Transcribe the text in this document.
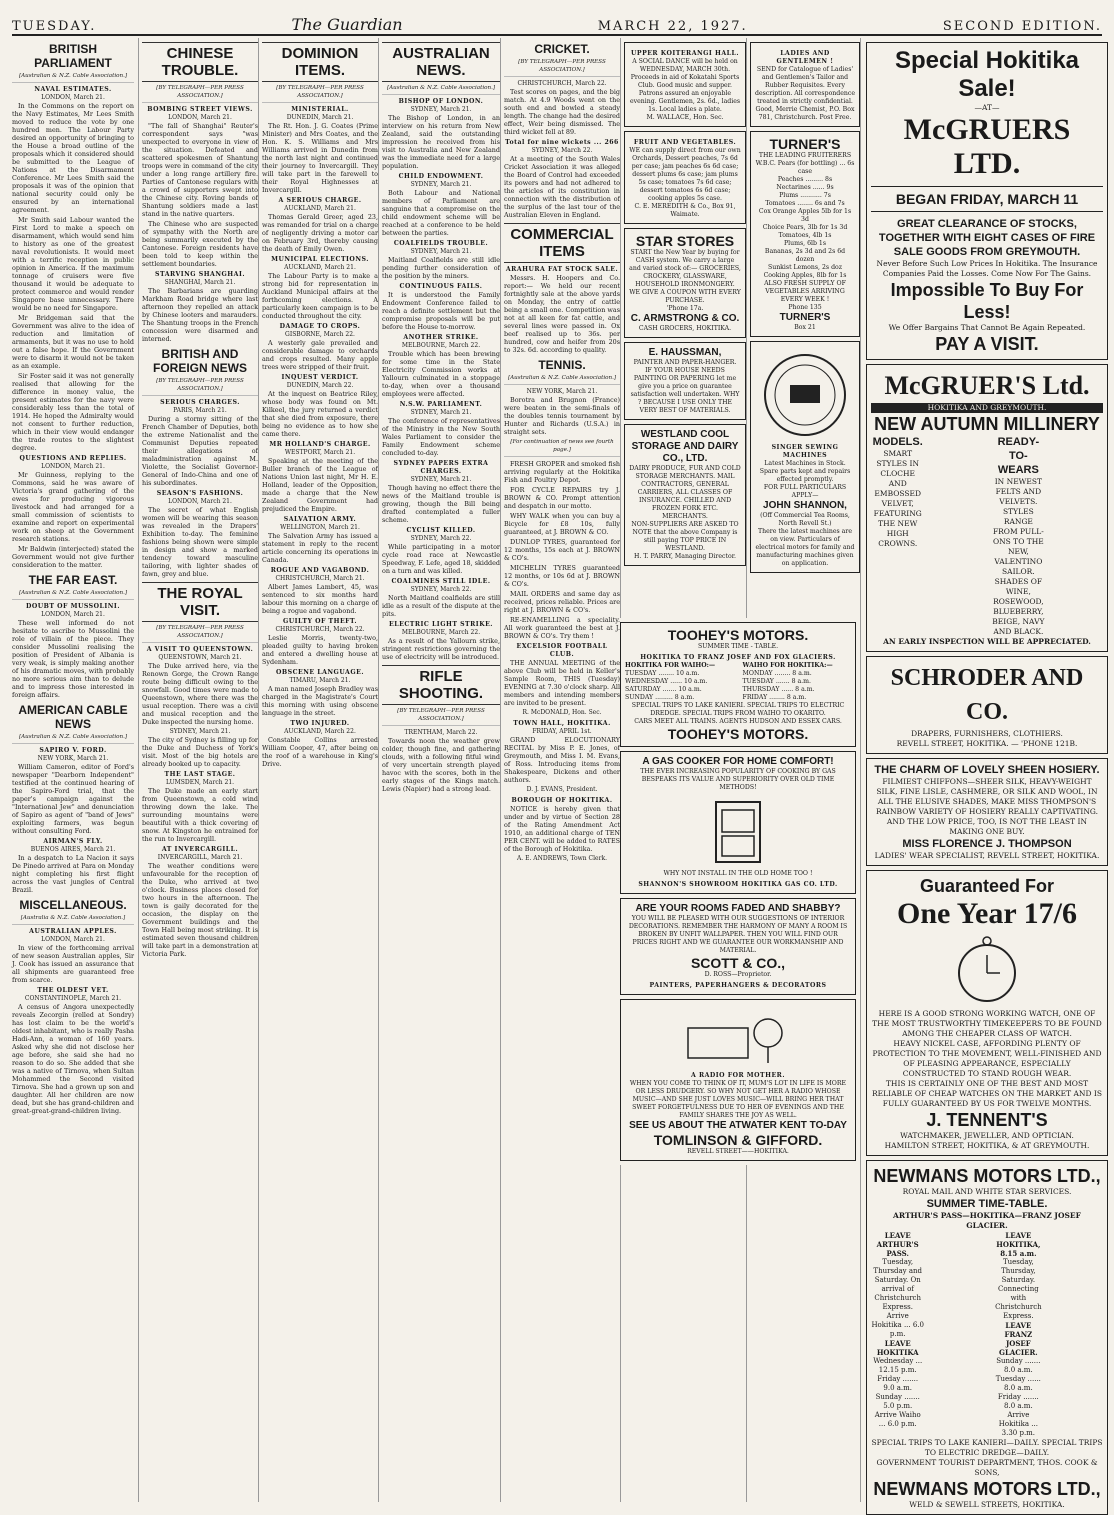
TUESDAY.	The Guardian	MARCH 22, 1927.	SECOND EDITION.
BRITISH PARLIAMENT
[Australian & N.Z. Cable Association.]
NAVAL ESTIMATES.
LONDON, March 21.

In the Commons on the report on the Navy Estimates, Mr Lees Smith moved to reduce the vote by one hundred men. The Labour Party desired an opportunity of bringing to the House a broad outline of the proposals which it considered should be submitted to the League of Nations at the Disarmament Conference. Mr Lees Smith said the proposals it was of the opinion that national security could only be ensured by an international agreement.

Mr Smith said Labour wanted the First Lord to make a speech on disarmament, which would send him to history as one of the greatest naval revolutionists. It would meet with a terrific reception in public opinion in America. If the maximum tonnage of cruisers were five thousand it would be adequate to protect commerce and would render Singapore base unnecessary. There would be no need for Singapore.

Mr Bridgeman said that the Government was alive to the idea of reduction and limitation of armaments, but it was no use to hold out a false hope. If the Government were to disarm it would not be taken as an example.

Sir Foster said it was not generally realised that allowing for the difference in money value, the present estimates for the navy were considerably less than the total of 1914. He hoped the Admiralty would not consent to further reduction, which in their view would endanger the trade routes to the slightest degree.

QUESTIONS AND REPLIES.
LONDON, March 21.

Mr Guinness, replying to the Commons, said he was aware of Victoria's grand gathering of the ewes for producing vigorous livestock and had arranged for a small commission of scientists to examine and report on experimental work on sheep at the Government research stations.

Mr Baldwin (interjected) stated the Government would not give further consideration to the matter.

THE FAR EAST.
[Australian & N.Z. Cable Association.]
DOUBT OF MUSSOLINI.
LONDON, March 21.

These well informed do not hesitate to ascribe to Mussolini the role of villain of the piece. They consider Mussolini realising the position of President of Albania is very weak, is simply making another of his dramatic moves, with probably no more serious aim than to delude and to impress those interested in foreign affairs.

AMERICAN CABLE NEWS
[Australian & N.Z. Cable Association.]
SAPIRO V. FORD.
NEW YORK, March 21.

William Cameron, editor of Ford's newspaper "Dearborn Independent" testified at the continued hearing of the Sapiro-Ford trial, that the paper's campaign against the "International Jew" and denunciation of Sapiro as agent of "band of Jews" exploiting farmers, was begun without consulting Ford.

AIRMAN'S FLY.
BUENOS AIRES, March 21.

In a despatch to La Nacion it says De Pinedo arrived at Para on Monday night completing his first flight across the vast jungles of Central Brazil.

MISCELLANEOUS.
[Australia & N.Z. Cable Association.]
AUSTRALIAN APPLES.
LONDON, March 21.

In view of the forthcoming arrival of new season Australian apples, Sir J. Cook has issued an assurance that all shipments are guaranteed free from scarce.

THE OLDEST VET.
CONSTANTINOPLE, March 21.

A census of Angora unexpectedly reveals Zecorgin (relled at Sondry) has lost claim to be the world's oldest inhabitant, who is really Pasha Hadi-Ann, a woman of 160 years. Asked why she did not disclose her age before, she said she had no reason to do so. She added that she was a native of Tirnova, when Sultan Mohammed the Second visited Tirnova. She had a grown up son and daughter. All her children are now dead, but she has grand-children and great-great-grand-children living.

CHINESE TROUBLE.
[BY TELEGRAPH—PER PRESS ASSOCIATION.]
BOMBING STREET VIEWS.
LONDON, March 21.

"The fall of Shanghai" Reuter's correspondent says "was unexpected to everyone in view of the situation. Defeated and scattered spokesmen of Shantung troops were in command of the city under a long range artillery fire. Parties of Cantonese regulars with a crowd of supporters swept into the Chinese city. Roving bands of Shantung soldiers made a last stand in the native quarters.

The Chinese who are suspected of sympathy with the North are being summarily executed by the Cantonese. Foreign residents have been told to keep within the settlement boundaries.

STARVING SHANGHAI.
SHANGHAI, March 21.

The Barbarians are guarding Markham Road bridge where last afternoon they repelled an attack by Chinese looters and marauders. The Shantung troops in the French concession were disarmed and interned.

BRITISH AND FOREIGN NEWS
[BY TELEGRAPH—PER PRESS ASSOCIATION.]
SERIOUS CHARGES.
PARIS, March 21.

During a stormy sitting of the French Chamber of Deputies, both the extreme Nationalist and the Communist Deputies repeated their allegations of maladministration against M. Violette, the Socialist Governor-General of Indo-China and one of his subordinates.

SEASON'S FASHIONS.
LONDON, March 21.

The secret of what English women will be wearing this season was revealed in the Drapers' Exhibition to-day. The feminine fashions being shown were simple in design and show a marked tendency toward masculine tailoring, with lighter shades of fawn, grey and blue.

THE ROYAL VISIT.
[BY TELEGRAPH—PER PRESS ASSOCIATION.]
A VISIT TO QUEENSTOWN.
QUEENSTOWN, March 21.

The Duke arrived here, via the Renown Gorge, the Crown Range route being difficult owing to the snowfall. Good times were made to Queenstown, where there was the usual reception. There was a civil and musical reception and the Duke inspected the nursing home.

SYDNEY, March 21.

The city of Sydney is filling up for the Duke and Duchess of York's visit. Most of the big hotels are already booked up to capacity.

THE LAST STAGE.
LUMSDEN, March 21.

The Duke made an early start from Queenstown, a cold wind throwing down the lake. The surrounding mountains were beautiful with a thick covering of snow. At Kingston he entrained for the run to Invercargill.

AT INVERCARGILL.
INVERCARGILL, March 21.

The weather conditions were unfavourable for the reception of the Duke, who arrived at two o'clock. Business places closed for two hours in the afternoon. The town is gaily decorated for the occasion, the display on the Government buildings and the Town Hall being most striking. It is estimated seven thousand children will take part in a demonstration at Victoria Park.

DOMINION ITEMS.
[BY TELEGRAPH—PER PRESS ASSOCIATION.]
MINISTERIAL.
DUNEDIN, March 21.

The Rt. Hon. J. G. Coates (Prime Minister) and Mrs Coates, and the Hon. K. S. Williams and Mrs Williams arrived in Dunedin from the north last night and continued their journey to Invercargill. They will take part in the farewell to their Royal Highnesses at Invercargill.

A SERIOUS CHARGE.
AUCKLAND, March 21.

Thomas Gerald Greer, aged 23, was remanded for trial on a charge of negligently driving a motor car on February 3rd, thereby causing the death of Emily Owen.

MUNICIPAL ELECTIONS.
AUCKLAND, March 21.

The Labour Party is to make a strong bid for representation in Auckland Municipal affairs at the forthcoming elections. A particularly keen campaign is to be conducted throughout the city.

DAMAGE TO CROPS.
GISBORNE, March 22.

A westerly gale prevailed and considerable damage to orchards and crops resulted. Many apple trees were stripped of their fruit.

INQUEST VERDICT.
DUNEDIN, March 22.

At the inquest on Beatrice Riley, whose body was found on Mt. Kilkeel, the jury returned a verdict that she died from exposure, there being no evidence as to how she came there.

MR HOLLAND'S CHARGE.
WESTPORT, March 21.

Speaking at the meeting of the Buller branch of the League of Nations Union last night, Mr H. E. Holland, leader of the Opposition, made a charge that the New Zealand Government had prejudiced the Empire.

SALVATION ARMY.
WELLINGTON, March 21.

The Salvation Army has issued a statement in reply to the recent article concerning its operations in Canada.

ROGUE AND VAGABOND.
CHRISTCHURCH, March 21.

Albert James Lambert, 45, was sentenced to six months hard labour this morning on a charge of being a rogue and vagabond.

GUILTY OF THEFT.
CHRISTCHURCH, March 22.

Leslie Morris, twenty-two, pleaded guilty to having broken and entered a dwelling house at Sydenham.

OBSCENE LANGUAGE.
TIMARU, March 21.

A man named Joseph Bradley was charged in the Magistrate's Court this morning with using obscene language in the street.

TWO INJURED.
AUCKLAND, March 22.

Constable Collins arrested William Cooper, 47, after being on the roof of a warehouse in King's Drive.

AUSTRALIAN NEWS.
[Australian & N.Z. Cable Association.]
BISHOP OF LONDON.
SYDNEY, March 21.

The Bishop of London, in an interview on his return from New Zealand, said the outstanding impression he received from his visit to Australia and New Zealand was the immediate need for a large population.

CHILD ENDOWMENT.
SYDNEY, March 21.

Both Labour and National members of Parliament are sanguine that a compromise on the child endowment scheme will be reached at a conference to be held between the parties.

COALFIELDS TROUBLE.
SYDNEY, March 21.

Maitland Coalfields are still idle pending further consideration of the position by the miners.

CONTINUOUS FAILS.

It is understood the Family Endowment Conference failed to reach a definite settlement but the compromise proposals will be put before the House to-morrow.

ANOTHER STRIKE.
MELBOURNE, March 22.

Trouble which has been brewing for some time in the State Electricity Commission works at Yallourn culminated in a stoppage to-day, when over a thousand employees were affected.

N.S.W. PARLIAMENT.
SYDNEY, March 21.

The conference of representatives of the Ministry in the New South Wales Parliament to consider the Family Endowment scheme concluded to-day.

SYDNEY PAPERS EXTRA CHARGES.
SYDNEY, March 21.

Though having no effect there the news of the Maitland trouble is growing, though the Bill being drafted contemplated a fuller scheme.

CYCLIST KILLED.
SYDNEY, March 22.

While participating in a motor cycle road race at Newcastle Speedway, F. Lefe, aged 18, skidded on a turn and was killed.

COALMINES STILL IDLE.
SYDNEY, March 22.

North Maitland coalfields are still idle as a result of the dispute at the pits.

ELECTRIC LIGHT STRIKE.
MELBOURNE, March 22.

As a result of the Yallourn strike, stringent restrictions governing the use of electricity will be introduced.

RIFLE SHOOTING.
[BY TELEGRAPH—PER PRESS ASSOCIATION.]
TRENTHAM, March 22.

Towards noon the weather grew colder, though fine, and gathering clouds, with a following fitful wind of very uncertain strength played havoc with the scores, both in the early stages of the Kings match. Lewis (Napier) had a strong lead.

CRICKET.
[BY TELEGRAPH—PER PRESS ASSOCIATION.]
CHRISTCHURCH, March 22.

Test scores on pages, and the big match. At 4.9 Woods went on the south end and bowled a steady length. The change had the desired effect, Weir being dismissed. The third wicket fell at 89.

Total for nine wickets ... 266
SYDNEY, March 22.

At a meeting of the South Wales Cricket Association it was alleged the Board of Control had exceeded its powers and had not adhered to the articles of its constitution in connection with the distribution of the surplus of the last tour of the Australian Eleven in England.

COMMERCIAL ITEMS
ARAHURA FAT STOCK SALE.

Messrs. H. Hoopers and Co. report:— We held our recent fortnightly sale at the above yards on Monday, the entry of cattle being a small one. Competition was not at all keen for fat cattle, and several lines were passed in. Ox beef realised up to 36s. per hundred, cow and heifer from 20s to 32s. 6d. according to quality.

TENNIS.
[Australian & N.Z. Cable Association.]
NEW YORK, March 21.

Borotra and Brugnon (France) were beaten in the semi-finals of the doubles tennis tournament by Hunter and Richards (U.S.A.) in straight sets.

[For continuation of news see fourth page.]

FRESH GROPER and smoked fish arriving regularly at the Hokitika Fish and Poultry Depot.

FOR CYCLE REPAIRS try J. BROWN & CO. Prompt attention and despatch in our motto.

WHY WALK when you can buy a Bicycle for £8 10s, fully guaranteed, at J. BROWN & CO.

DUNLOP TYRES, guaranteed for 12 months, 15s each at J. BROWN & CO's.

MICHELIN TYRES guaranteed 12 months, or 10s 6d at J. BROWN & CO's.

MAIL ORDERS and same day as received, prices reliable. Prices are right at J. BROWN & CO's.

RE-ENAMELLING a speciality. All work guaranteed the best at J. BROWN & CO's. Try them !

EXCELSIOR FOOTBALL CLUB.

THE ANNUAL MEETING of the above Club will be held in Keller's Sample Room, THIS (Tuesday) EVENING at 7.30 o'clock sharp. All members and intending members are invited to be present.

R. McDONALD, Hon. Sec.
TOWN HALL, HOKITIKA.
FRIDAY, APRIL 1st.

GRAND ELOCUTIONARY RECITAL by Miss P. E. Jones, of Greymouth, and Miss I. M. Evans, of Ross. Introducing items from Shakespeare, Dickens and other authors.

D. J. EVANS, President.
BOROUGH OF HOKITIKA.

NOTICE is hereby given that under and by virtue of Section 28 of the Rating Amendment Act 1910, an additional charge of TEN PER CENT. will be added to RATES of the Borough of Hokitika.

A. E. ANDREWS, Town Clerk.
UPPER KOITERANGI HALL.
A SOCIAL DANCE will be held on WEDNESDAY, MARCH 30th. Proceeds in aid of Kokatahi Sports Club. Good music and supper. Patrons assured an enjoyable evening. Gentlemen, 2s. 6d., ladies 1s. Local ladies a plate.
M. WALLACE, Hon. Sec.
FRUIT AND VEGETABLES.
WE can supply direct from our own Orchards, Dessert peaches, 7s 6d per case; jam peaches 6s 6d case; dessert plums 6s case; jam plums 5s case; tomatoes 7s 6d case; dessert tomatoes 6s 6d case; cooking apples 5s case.
C. E. MEREDITH & Co., Box 91, Waimate.
STAR STORES
START the New Year by buying for CASH system. We carry a large and varied stock of:— GROCERIES, CROCKERY, GLASSWARE, HOUSEHOLD IRONMONGERY. WE GIVE A COUPON WITH EVERY PURCHASE.
'Phone 17a.
C. ARMSTRONG & CO.
CASH GROCERS, HOKITIKA.
E. HAUSSMAN,
PAINTER AND PAPER-HANGER.
IF YOUR HOUSE NEEDS PAINTING OR PAPERING let me give you a price on guarantee satisfaction well undertaken. WHY ? BECAUSE I USE ONLY THE VERY BEST OF MATERIALS.
WESTLAND COOL STORAGE AND DAIRY CO., LTD.
DAIRY PRODUCE, FUR AND COLD STORAGE MERCHANTS. MAIL CONTRACTORS, GENERAL CARRIERS, ALL CLASSES OF INSURANCE. CHILLED AND FROZEN FORK ETC. MERCHANTS.
NON-SUPPLIERS ARE ASKED TO NOTE that the above Company is still paying TOP PRICE IN WESTLAND.
H. T. PARRY, Managing Director.
LADIES AND GENTLEMEN !
SEND for Catalogue of Ladies' and Gentlemen's Tailor and Rubber Requisites. Every description. All correspondence treated in strictly confidential. Good, Merrie Chemist, P.O. Box 781, Christchurch. Post Free.
TURNER'S
THE LEADING FRUITERERS
W.B.C. Pears (for bottling) ... 6s case
Peaches ......... 8s
Nectarines ...... 9s
Plums ........... 7s
Tomatoes ........ 6s and 7s
Cox Orange Apples 5lb for 1s 3d
Choice Pears, 3lb for 1s 3d
Tomatoes, 4lb 1s
Plums, 6lb 1s
Bananas, 2s 3d and 2s 6d dozen
Sunkist Lemons, 2s doz
Cooking Apples, 8lb for 1s
ALSO FRESH SUPPLY OF VEGETABLES ARRIVING EVERY WEEK !
Phone 135
TURNER'S
Box 21
SINGER SEWING MACHINES
Latest Machines in Stock. Spare parts kept and repairs effected promptly.
FOR FULL PARTICULARS APPLY—
JOHN SHANNON,
(Off Commercial Tea Rooms, North Revell St.)
There the latest machines are on view. Particulars of electrical motors for family and manufacturing machines given on application.
TOOHEY'S MOTORS.
SUMMER TIME - TABLE.
HOKITIKA TO FRANZ JOSEF AND FOX GLACIERS.
HOKITIKA FOR WAIHO:—
TUESDAY ........ 10 a.m.
WEDNESDAY ...... 10 a.m.
SATURDAY ....... 10 a.m.
SUNDAY ......... 8 a.m.
WAIHO FOR HOKITIKA:—
MONDAY ........ 8 a.m.
TUESDAY ....... 8 a.m.
THURSDAY ...... 8 a.m.
FRIDAY ........ 8 a.m.
SPECIAL TRIPS TO LAKE KANIERI. SPECIAL TRIPS TO ELECTRIC DREDGE. SPECIAL TRIPS FROM WAIHO TO OKARITO.
CARS MEET ALL TRAINS. AGENTS HUDSON AND ESSEX CARS.
TOOHEY'S MOTORS.
A GAS COOKER FOR HOME COMFORT!
THE EVER INCREASING POPULARITY OF COOKING BY GAS BESPEAKS ITS VALUE AND SUPERIORITY OVER OLD TIME METHODS!
WHY NOT INSTALL IN THE OLD HOME TOO !
SHANNON'S SHOWROOM HOKITIKA GAS CO. LTD.
ARE YOUR ROOMS FADED AND SHABBY?
YOU WILL BE PLEASED WITH OUR SUGGESTIONS OF INTERIOR DECORATIONS. REMEMBER THE HARMONY OF MANY A ROOM IS BROKEN BY UNFIT WALLPAPER. THEN YOU WILL FIND OUR PRICES RIGHT AND WE GUARANTEE OUR WORKMANSHIP AND MATERIAL.
SCOTT & CO.,
D. ROSS—Proprietor.
PAINTERS, PAPERHANGERS & DECORATORS
A RADIO FOR MOTHER.
WHEN YOU COME TO THINK OF IT, MUM'S LOT IN LIFE IS MORE OR LESS DRUDGERY. SO WHY NOT GET HER A RADIO WHOSE MUSIC—AND SHE JUST LOVES MUSIC—WILL BRING HER THAT SWEET FORGETFULNESS DUE TO HER OF EVENINGS AND THE FAMILY SHARES THE JOY AS WELL.
SEE US ABOUT THE ATWATER KENT TO-DAY
TOMLINSON & GIFFORD.
REVELL STREET——HOKITIKA.
Special Hokitika Sale!
—AT—
McGRUERS LTD.
BEGAN FRIDAY, MARCH 11
GREAT CLEARANCE OF STOCKS, TOGETHER WITH EIGHT CASES OF FIRE SALE GOODS FROM GREYMOUTH.
Never Before Such Low Prices In Hokitika. The Insurance Companies Paid the Losses. Come Now For The Gains.
Impossible To Buy For Less!
We Offer Bargains That Cannot Be Again Repeated.
PAY A VISIT.
McGRUER'S Ltd.
HOKITIKA AND GREYMOUTH.
NEW AUTUMN MILLINERY
MODELS.
SMART STYLES IN CLOCHE AND EMBOSSED VELVET, FEATURING THE NEW HIGH CROWNS.
READY-TO-WEARS
IN NEWEST FELTS AND VELVETS. STYLES RANGE FROM PULL-ONS TO THE NEW, VALENTINO SAILOR. SHADES OF WINE, ROSEWOOD, BLUEBERRY, BEIGE, NAVY AND BLACK.
AN EARLY INSPECTION WILL BE APPRECIATED.
SCHRODER AND CO.
DRAPERS, FURNISHERS, CLOTHIERS.
REVELL STREET, HOKITIKA. — 'PHONE 121B.
THE CHARM OF LOVELY SHEEN HOSIERY.
FILMIEST CHIFFONS—SHEER SILK, HEAVY-WEIGHT SILK, FINE LISLE, CASHMERE, OR SILK AND WOOL, IN ALL THE ELUSIVE SHADES, MAKE MISS THOMPSON'S RAINBOW VARIETY OF HOSIERY REALLY CAPTIVATING.
AND THE LOW PRICE, TOO, IS NOT THE LEAST IN MAKING ONE BUY.
MISS FLORENCE J. THOMPSON
LADIES' WEAR SPECIALIST, REVELL STREET, HOKITIKA.
Guaranteed For
One Year 17/6
HERE IS A GOOD STRONG WORKING WATCH, ONE OF THE MOST TRUSTWORTHY TIMEKEEPERS TO BE FOUND AMONG THE CHEAPER CLASS OF WATCH.
HEAVY NICKEL CASE, AFFORDING PLENTY OF PROTECTION TO THE MOVEMENT, WELL-FINISHED AND OF PLEASING APPEARANCE, ESPECIALLY CONSTRUCTED TO STAND ROUGH WEAR.
THIS IS CERTAINLY ONE OF THE BEST AND MOST RELIABLE OF CHEAP WATCHES ON THE MARKET AND IS FULLY GUARANTEED BY US FOR TWELVE MONTHS.
J. TENNENT'S
WATCHMAKER, JEWELLER, AND OPTICIAN.
HAMILTON STREET, HOKITIKA, & AT GREYMOUTH.
NEWMANS MOTORS LTD.,
ROYAL MAIL AND WHITE STAR SERVICES.
SUMMER TIME-TABLE.
ARTHUR'S PASS—HOKITIKA—FRANZ JOSEF GLACIER.
LEAVE ARTHUR'S PASS.
Tuesday, Thursday and Saturday. On arrival of Christchurch Express. Arrive Hokitika ... 6.0 p.m.
LEAVE HOKITIKA
Wednesday ... 12.15 p.m.
Friday ....... 9.0 a.m.
Sunday ....... 5.0 p.m.
Arrive Waiho ... 6.0 p.m.
LEAVE HOKITIKA, 8.15 a.m.
Tuesday, Thursday, Saturday. Connecting with Christchurch Express.
LEAVE FRANZ JOSEF GLACIER.
Sunday ....... 8.0 a.m.
Tuesday ...... 8.0 a.m.
Friday ....... 8.0 a.m.
Arrive Hokitika ... 3.30 p.m.
SPECIAL TRIPS TO LAKE KANIERI—DAILY. SPECIAL TRIPS TO ELECTRIC DREDGE—DAILY.
GOVERNMENT TOURIST DEPARTMENT, THOS. COOK & SONS,
NEWMANS MOTORS LTD.,
WELD & SEWELL STREETS, HOKITIKA.
